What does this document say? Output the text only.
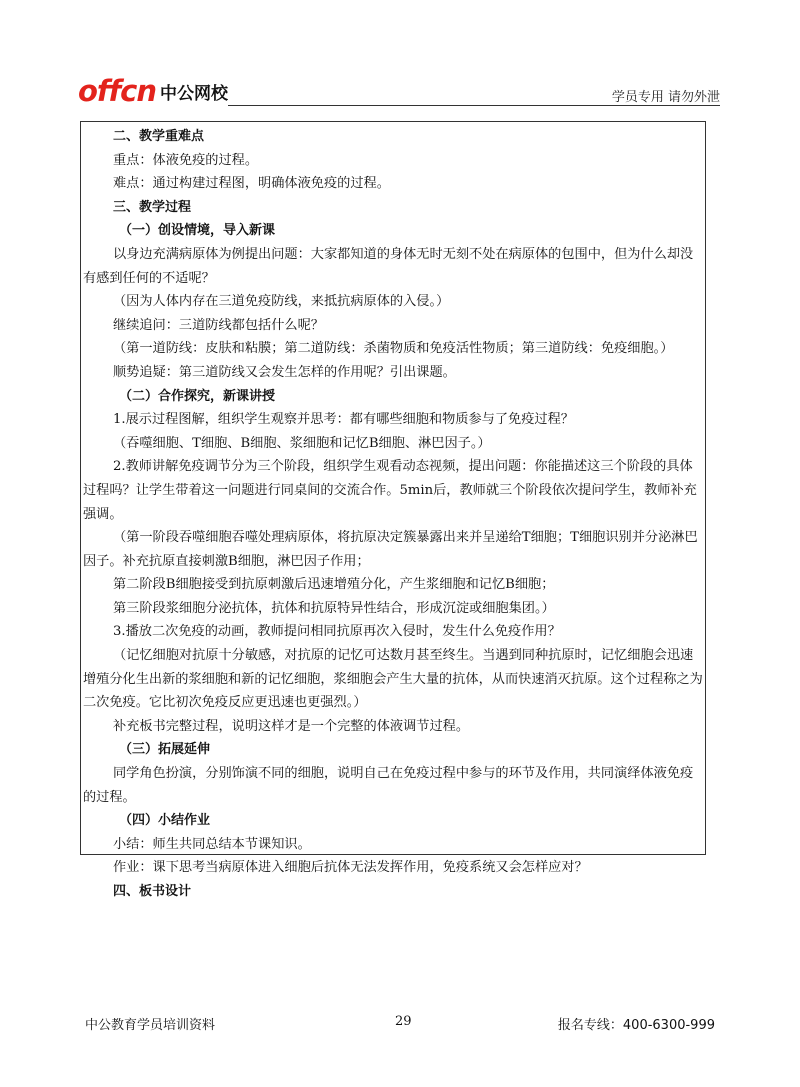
offcn 中公网校	学员专用 请勿外泄

二、教学重难点

重点：体液免疫的过程。

难点：通过构建过程图，明确体液免疫的过程。

三、教学过程

（一）创设情境，导入新课

以身边充满病原体为例提出问题：大家都知道的身体无时无刻不处在病原体的包围中，但为什么却没有感到任何的不适呢？

（因为人体内存在三道免疫防线，来抵抗病原体的入侵。）

继续追问：三道防线都包括什么呢？

（第一道防线：皮肤和粘膜；第二道防线：杀菌物质和免疫活性物质；第三道防线：免疫细胞。）

顺势追疑：第三道防线又会发生怎样的作用呢？引出课题。

（二）合作探究，新课讲授

1.展示过程图解，组织学生观察并思考：都有哪些细胞和物质参与了免疫过程？

（吞噬细胞、T细胞、B细胞、浆细胞和记忆B细胞、淋巴因子。）

2.教师讲解免疫调节分为三个阶段，组织学生观看动态视频，提出问题：你能描述这三个阶段的具体过程吗？让学生带着这一问题进行同桌间的交流合作。5min后，教师就三个阶段依次提问学生，教师补充强调。

（第一阶段吞噬细胞吞噬处理病原体，将抗原决定簇暴露出来并呈递给T细胞；T细胞识别并分泌淋巴因子。补充抗原直接刺激B细胞，淋巴因子作用；

第二阶段B细胞接受到抗原刺激后迅速增殖分化，产生浆细胞和记忆B细胞；

第三阶段浆细胞分泌抗体，抗体和抗原特异性结合，形成沉淀或细胞集团。）

3.播放二次免疫的动画，教师提问相同抗原再次入侵时，发生什么免疫作用？

（记忆细胞对抗原十分敏感，对抗原的记忆可达数月甚至终生。当遇到同种抗原时，记忆细胞会迅速增殖分化生出新的浆细胞和新的记忆细胞，浆细胞会产生大量的抗体，从而快速消灭抗原。这个过程称之为二次免疫。它比初次免疫反应更迅速也更强烈。）

补充板书完整过程，说明这样才是一个完整的体液调节过程。

（三）拓展延伸

同学角色扮演，分别饰演不同的细胞，说明自己在免疫过程中参与的环节及作用，共同演绎体液免疫的过程。

（四）小结作业

小结：师生共同总结本节课知识。

作业：课下思考当病原体进入细胞后抗体无法发挥作用，免疫系统又会怎样应对？

四、板书设计

中公教育学员培训资料	29	报名专线：400-6300-999
